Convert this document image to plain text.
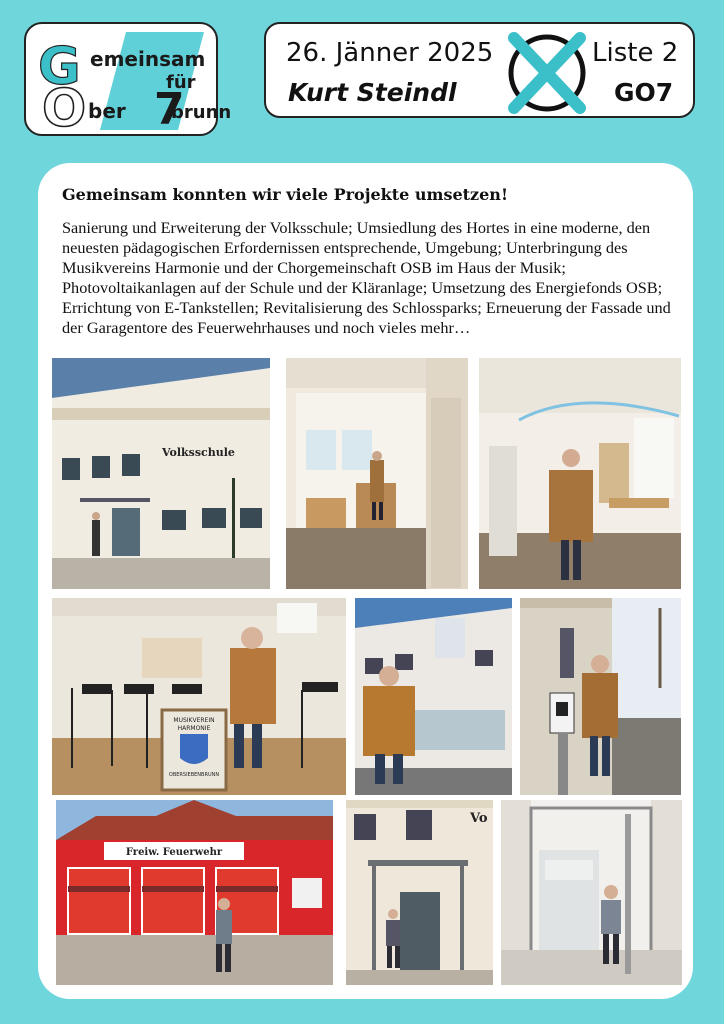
G
O 7
emeinsam
für
ber	brunn
26. Jänner 2025
Kurt Steindl
Liste 2
GO7
Gemeinsam konnten wir viele Projekte umsetzen!
Sanierung und Erweiterung der Volksschule; Umsiedlung des Hortes in eine moderne, den neuesten pädagogischen Erfordernissen entsprechende, Umgebung; Unterbringung des Musikvereins Harmonie und der Chorgemeinschaft OSB im Haus der Musik; Photovoltaikanlagen auf der Schule und der Kläranlage; Umsetzung des Energiefonds OSB; Errichtung von E-Tankstellen; Revitalisierung des Schlossparks; Erneuerung der Fassade und der Garagentore des Feuerwehrhauses und noch vieles mehr…
Volksschule
MUSIKVEREIN
HARMONIE
OBERSIEBENBRUNN
Freiw. Feuerwehr
Vo
